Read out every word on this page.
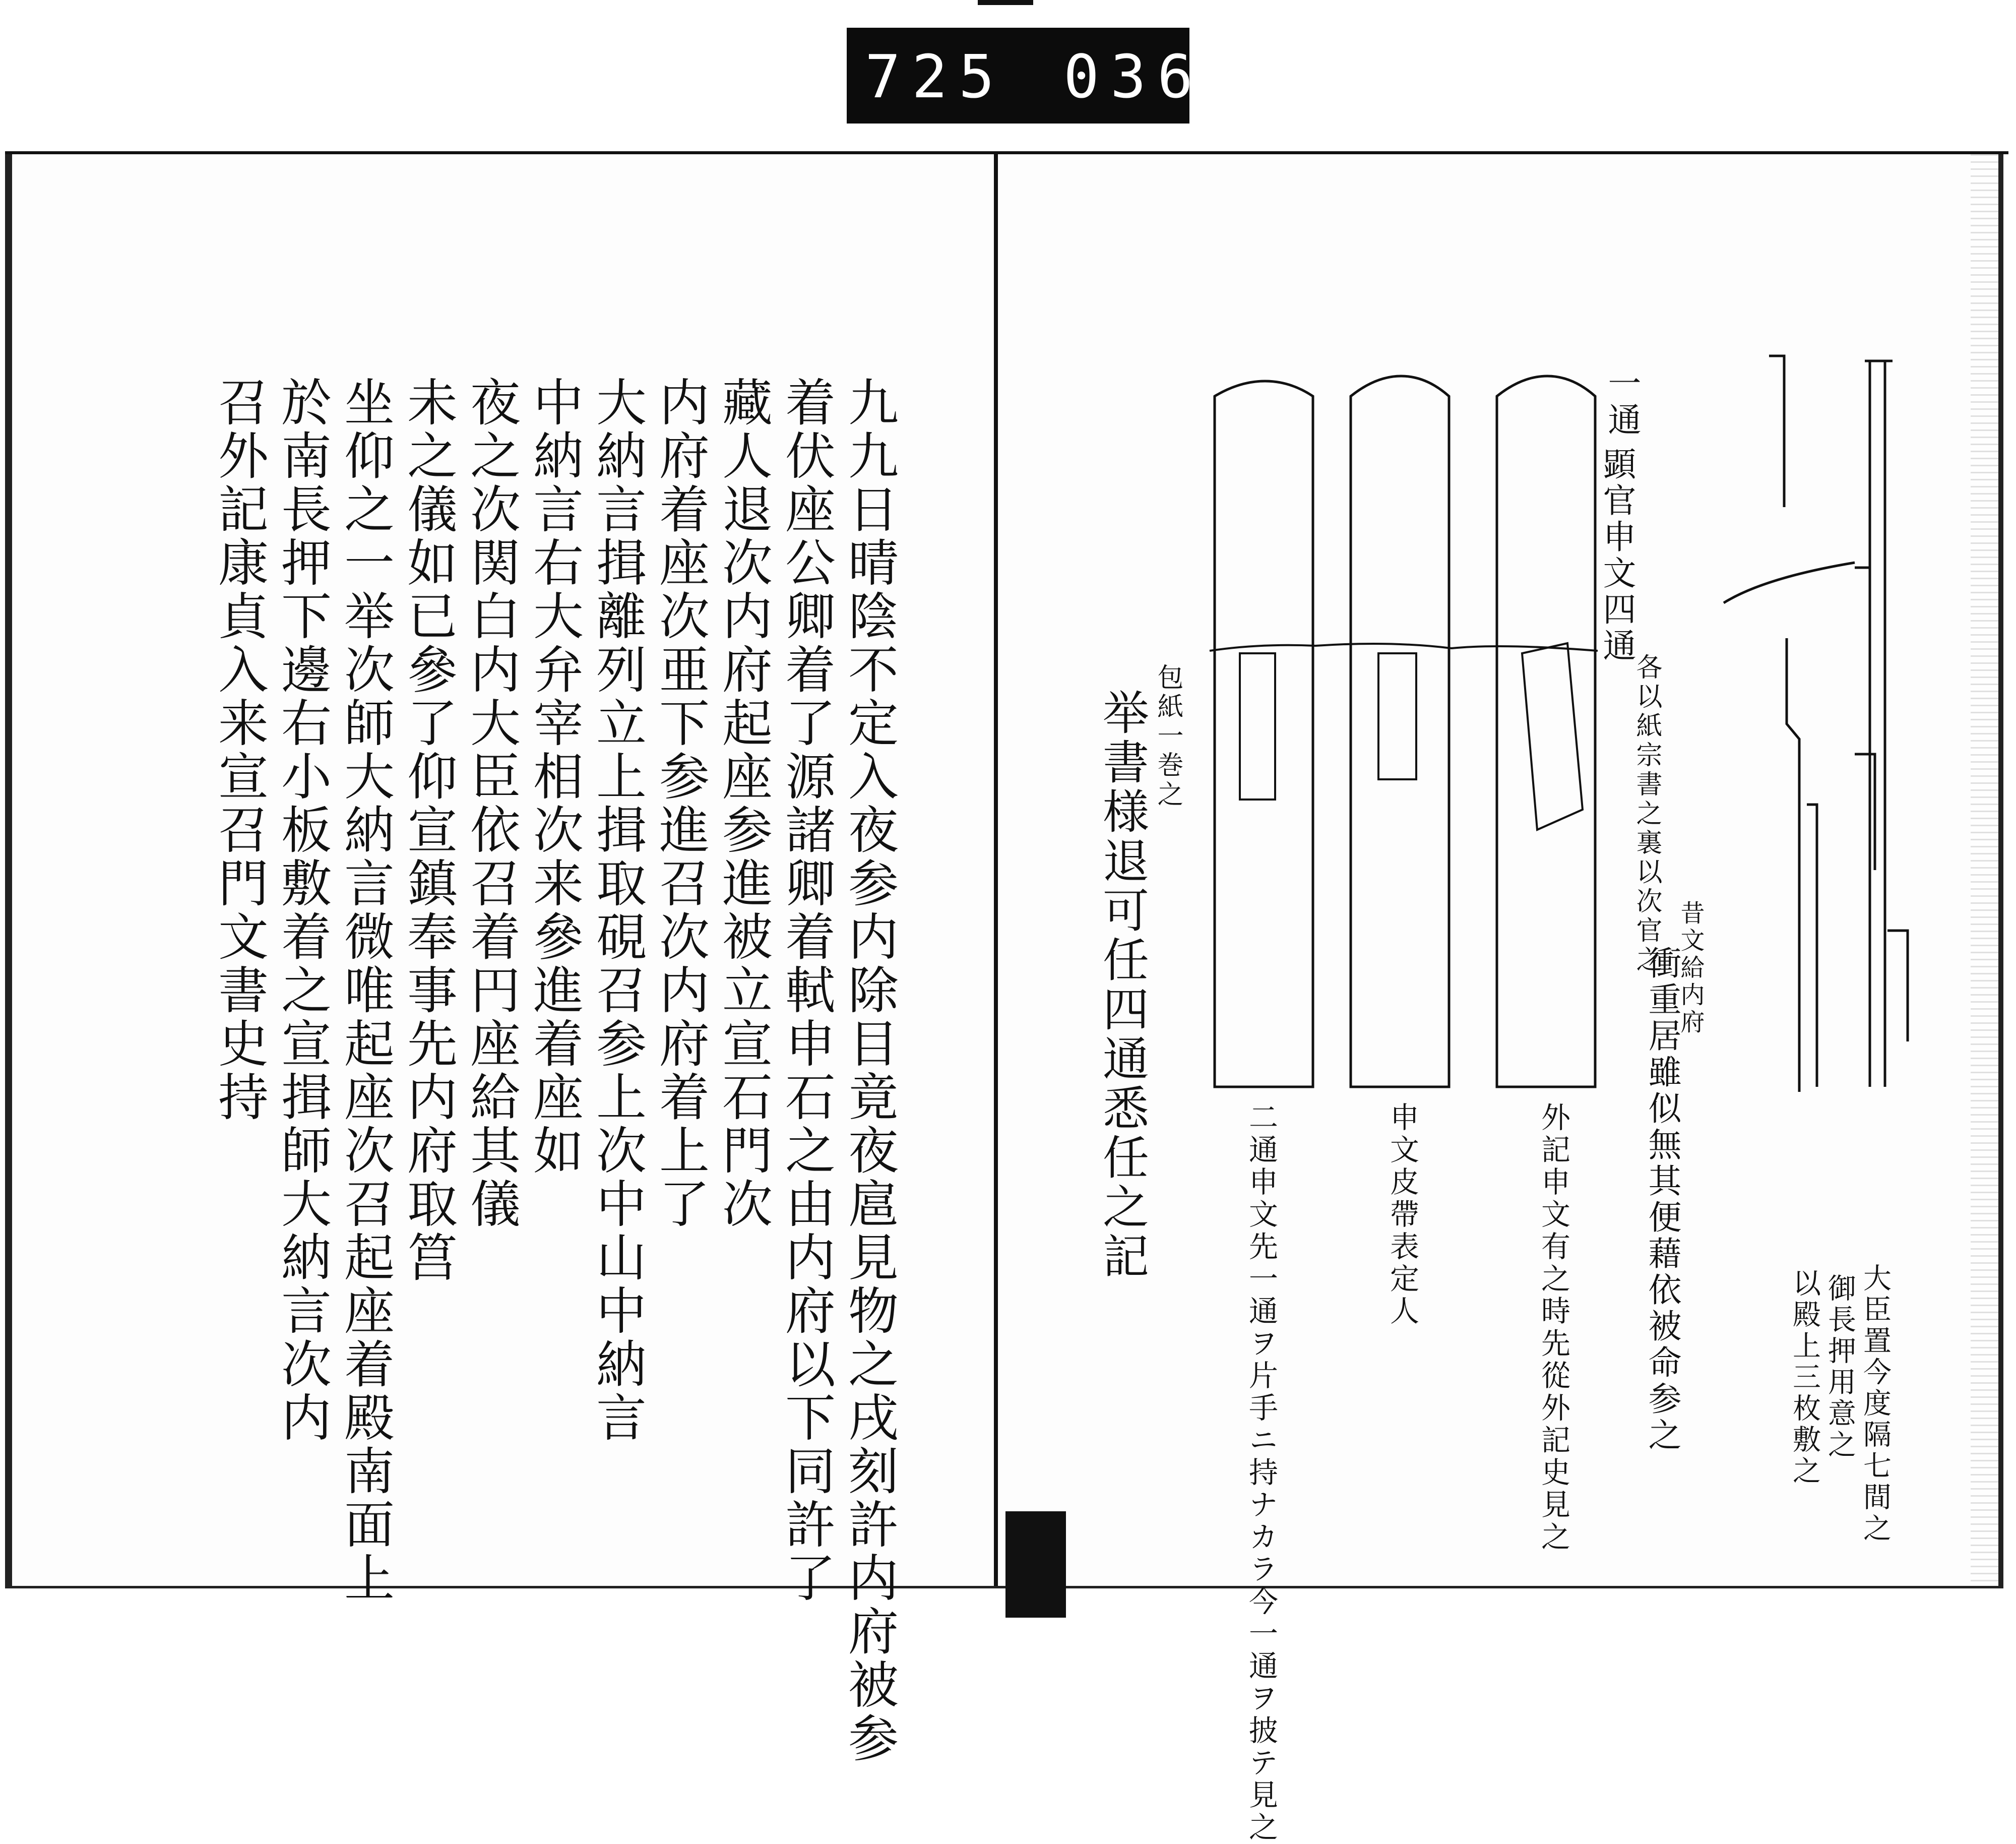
725 036.
九九日晴陰不定入夜参内除目竟夜扈見物之戌刻許内府被参
着伏座公卿着了源諸卿着軾申石之由内府以下同許了
藏人退次内府起座参進被立宣石門次
内府着座次亜下参進召次内府着上了
大納言揖離列立上揖取硯召参上次中山中納言
中納言右大弁宰相次来參進着座如
夜之次関白内大臣依召着円座給其儀
未之儀如已參了仰宣鎮奉事先内府取筥
坐仰之一举次師大納言微唯起座次召起座着殿南面上
於南長押下邊右小板敷着之宣揖師大納言次内
召外記康貞入来宣召門文書史持	一通
顕官申文四通
各以紙宗書之裏以次官之
包紙一巻之
举書様退可任四通悉任之記	昔文給内府
衝重居雖似無其便藉依被命参之	大臣置今度隔七間之
御長押用意之
以殿上三枚敷之
外記申文有之時先從外記史見之
申文皮帶表定人
二通申文先一通ヲ片手ニ持ナカラ今一通ヲ披テ見之
